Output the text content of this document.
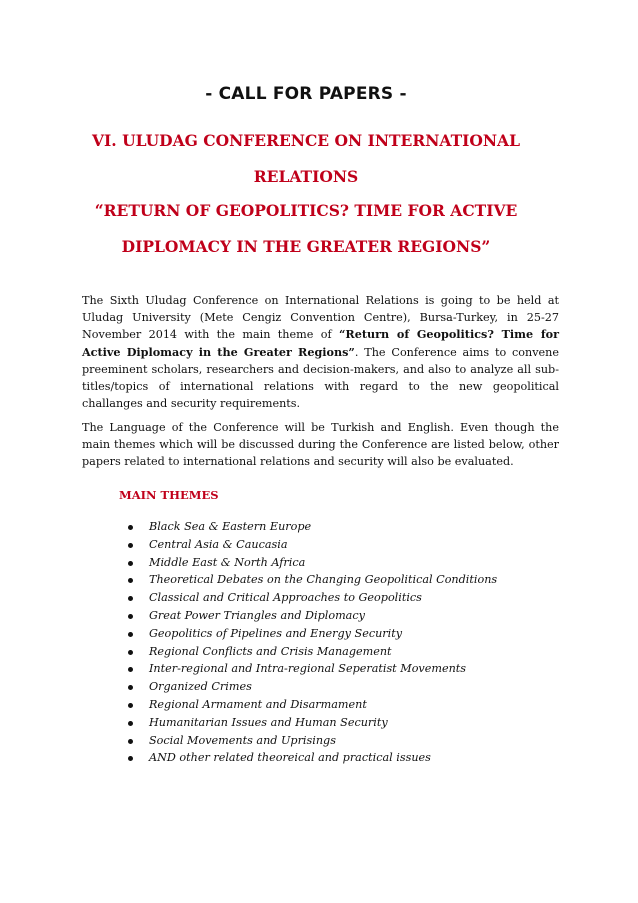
- CALL FOR PAPERS -
VI. ULUDAG CONFERENCE ON INTERNATIONAL
RELATIONS
“RETURN OF GEOPOLITICS? TIME FOR ACTIVE
DIPLOMACY IN THE GREATER REGIONS”
The Sixth Uludag Conference on International Relations is going to be held at Uludag University (Mete Cengiz Convention Centre), Bursa-Turkey, in 25-27 November 2014 with the main theme of “Return of Geopolitics? Time for Active Diplomacy in the Greater Regions”. The Conference aims to convene preeminent scholars, researchers and decision-makers, and also to analyze all sub-titles/topics of international relations with regard to the new geopolitical challanges and security requirements.
The Language of the Conference will be Turkish and English. Even though the main themes which will be discussed during the Conference are listed below, other papers related to international relations and security will also be evaluated.
MAIN THEMES
Black Sea & Eastern Europe
Central Asia & Caucasia
Middle East & North Africa
Theoretical Debates on the Changing Geopolitical Conditions
Classical and Critical Approaches to Geopolitics
Great Power Triangles and Diplomacy
Geopolitics of Pipelines and Energy Security
Regional Conflicts and Crisis Management
Inter-regional and Intra-regional Seperatist Movements
Organized Crimes
Regional Armament and Disarmament
Humanitarian Issues and Human Security
Social Movements and Uprisings
AND other related theoreical and practical issues
